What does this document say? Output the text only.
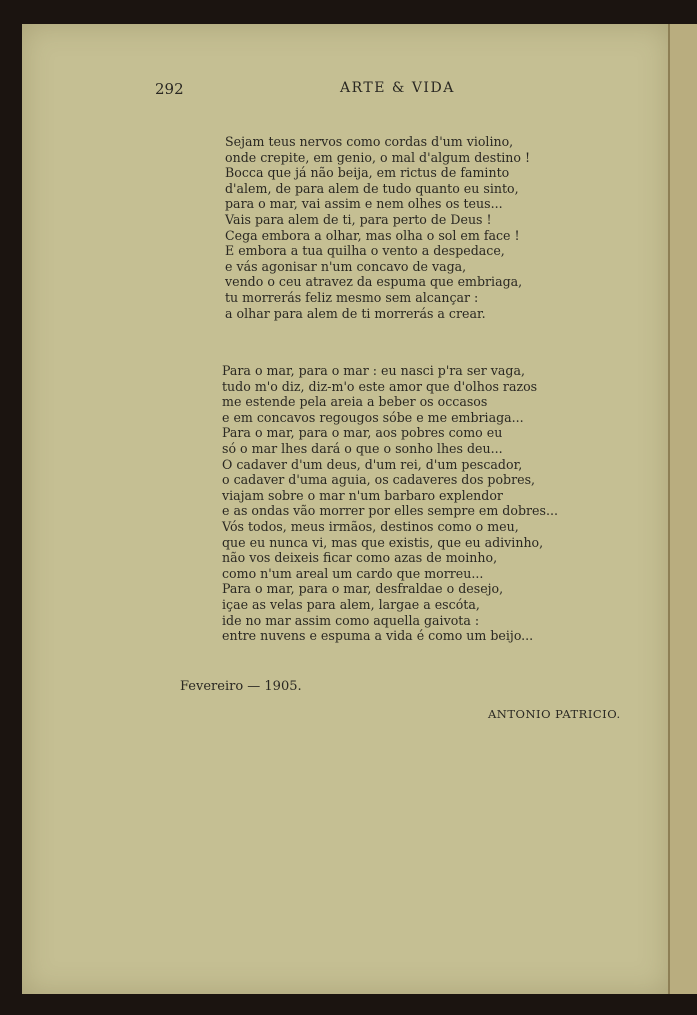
292	ARTE & VIDA
Sejam teus nervos como cordas d'um violino,
onde crepite, em genio, o mal d'algum destino !
Bocca que já não beija, em rictus de faminto
d'alem, de para alem de tudo quanto eu sinto,
para o mar, vai assim e nem olhes os teus...
Vais para alem de ti, para perto de Deus !
Cega embora a olhar, mas olha o sol em face !
E embora a tua quilha o vento a despedace,
e vás agonisar n'um concavo de vaga,
vendo o ceu atravez da espuma que embriaga,
tu morrerás feliz mesmo sem alcançar :
a olhar para alem de ti morrerás a crear.
Para o mar, para o mar : eu nasci p'ra ser vaga,
tudo m'o diz, diz-m'o este amor que d'olhos razos
me estende pela areia a beber os occasos
e em concavos regougos sóbe e me embriaga...
Para o mar, para o mar, aos pobres como eu
só o mar lhes dará o que o sonho lhes deu...
O cadaver d'um deus, d'um rei, d'um pescador,
o cadaver d'uma aguia, os cadaveres dos pobres,
viajam sobre o mar n'um barbaro explendor
e as ondas vão morrer por elles sempre em dobres...
Vós todos, meus irmãos, destinos como o meu,
que eu nunca vi, mas que existis, que eu adivinho,
não vos deixeis ficar como azas de moinho,
como n'um areal um cardo que morreu...
Para o mar, para o mar, desfraldae o desejo,
içae as velas para alem, largae a escóta,
ide no mar assim como aquella gaivota :
entre nuvens e espuma a vida é como um beijo...
Fevereiro — 1905.
ANTONIO PATRICIO.
